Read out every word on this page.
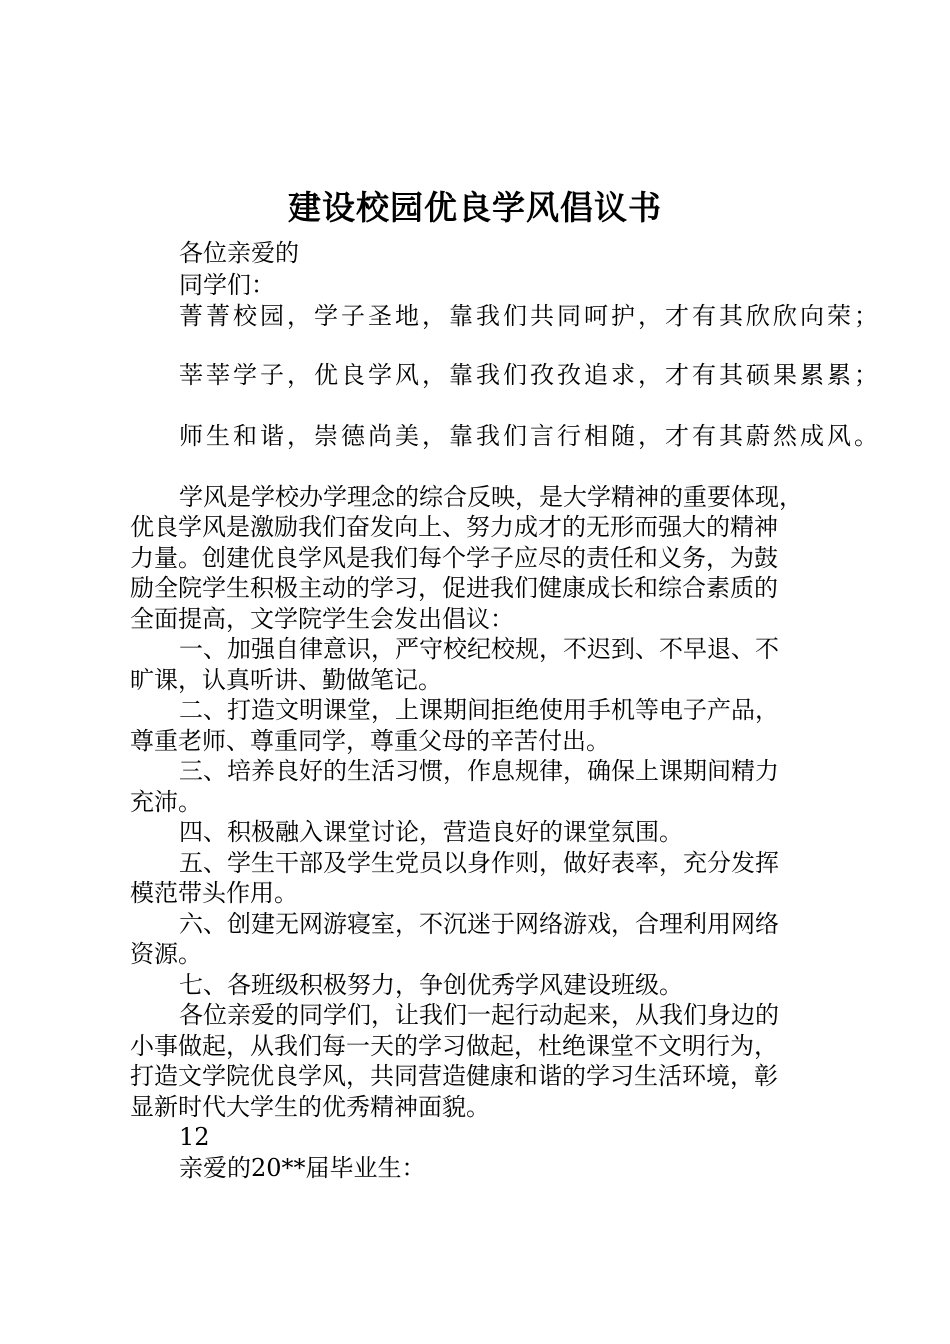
建设校园优良学风倡议书
各位亲爱的
同学们：
菁菁校园，学子圣地，靠我们共同呵护，才有其欣欣向荣；
莘莘学子，优良学风，靠我们孜孜追求，才有其硕果累累；
师生和谐，崇德尚美，靠我们言行相随，才有其蔚然成风。
学风是学校办学理念的综合反映，是大学精神的重要体现，
优良学风是激励我们奋发向上、努力成才的无形而强大的精神
力量。创建优良学风是我们每个学子应尽的责任和义务，为鼓
励全院学生积极主动的学习，促进我们健康成长和综合素质的
全面提高，文学院学生会发出倡议：
一、加强自律意识，严守校纪校规，不迟到、不早退、不
旷课，认真听讲、勤做笔记。
二、打造文明课堂，上课期间拒绝使用手机等电子产品，
尊重老师、尊重同学，尊重父母的辛苦付出。
三、培养良好的生活习惯，作息规律，确保上课期间精力
充沛。
四、积极融入课堂讨论，营造良好的课堂氛围。
五、学生干部及学生党员以身作则，做好表率，充分发挥
模范带头作用。
六、创建无网游寝室，不沉迷于网络游戏，合理利用网络
资源。
七、各班级积极努力，争创优秀学风建设班级。
各位亲爱的同学们，让我们一起行动起来，从我们身边的
小事做起，从我们每一天的学习做起，杜绝课堂不文明行为，
打造文学院优良学风，共同营造健康和谐的学习生活环境，彰
显新时代大学生的优秀精神面貌。
12
亲爱的20**届毕业生：
